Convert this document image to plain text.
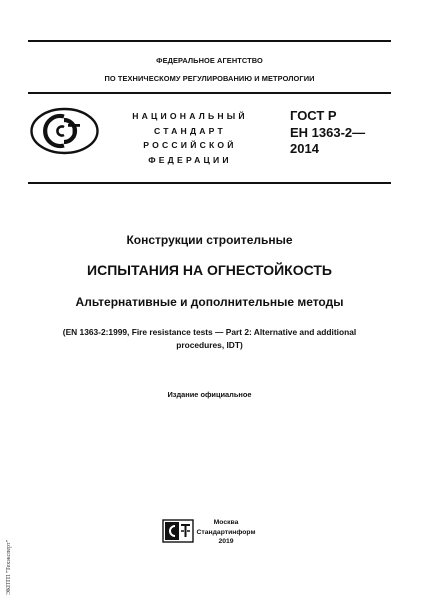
ФЕДЕРАЛЬНОЕ АГЕНТСТВО
ПО ТЕХНИЧЕСКОМУ РЕГУЛИРОВАНИЮ И МЕТРОЛОГИИ
НАЦИОНАЛЬНЫЙ
СТАНДАРТ
РОССИЙСКОЙ
ФЕДЕРАЦИИ
ГОСТ Р
ЕН 1363-2—
2014
Конструкции строительные
ИСПЫТАНИЯ НА ОГНЕСТОЙКОСТЬ
Альтернативные и дополнительные методы
(EN 1363-2:1999, Fire resistance tests — Part 2: Alternative and additional
procedures, IDT)
Издание официальное
Москва
Стандартинформ
2019
ЭКПТП "Техэксперт"
